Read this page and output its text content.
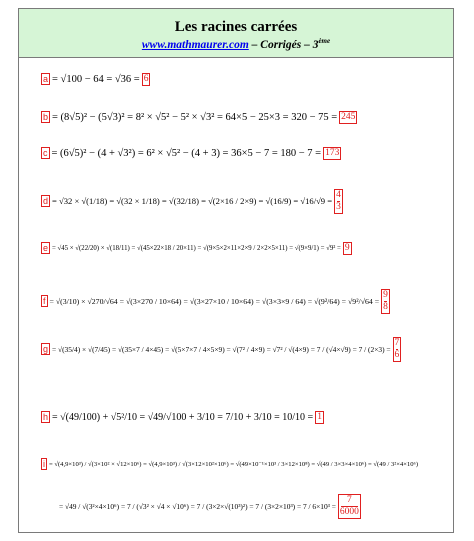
Les racines carrées
www.mathmaurer.com – Corrigés – 3ème
a = √100 − 64 = √36 = 6
b = (8√5)² − (5√3)² = 8² × √5² − 5² × √3² = 64×5 − 25×3 = 320 − 75 = 245
c = (6√5)² − (4 + √3²) = 6² × √5² − (4 + 3) = 36×5 − 7 = 180 − 7 = 173
$d = √32 \times √(1/18) = √(32 \times 1/18) = √(32/18) = √(2\times 16 / 2\times 9) = √(16/9) = √16/√9 = \frac{4}{3}$
e = √45 × √(22/20) × √(18/11) = √(45×22×18 / 20×11) = √(9×5×2×11×2×9 / 2×2×5×11) = √(9×9/1) = √9² = 9
$f = √(3/10) \times √270/√64 = √(3\times 270 / 10\times 64) = √(3\times 27\times 10 / 10\times 64) = √(3\times 3\times 9 / 64) = √(9^2/64) = √9^2/√64 = \frac{9}{8}$
$g = √(35/4) \times √(7/45) = √(35\times 7 / 4\times 45) = √(5\times 7\times 7 / 4\times 5\times 9) = √(7^2 / 4\times 9) = √7^2 / √(4\times 9) = 7 / (√4\times√9) = 7 / (2\times 3) = \frac{7}{6}$
h = √(49/100) + √5²/10 = √49/√100 + 3/10 = 7/10 + 3/10 = 10/10 = 1
i = √(4,9×10³) / √(3×10² × √12×10⁶) = √(4,9×10³) / √(3×12×10²×10⁶) = √(49×10⁻¹×10³ / 3×12×10⁸) = √(49 / 3×3×4×10⁶) = √(49 / 3²×4×10⁶)
= $√49 / √(3^2\times 4\times 10^6) = 7 / (√3^2 \times √4 \times √10^6) = 7 / (3\times 2\times√(10^3)^2) = 7 / (3\times 2\times 10^3) = 7 / 6\times 10^3 = \frac{7}{6000}$
